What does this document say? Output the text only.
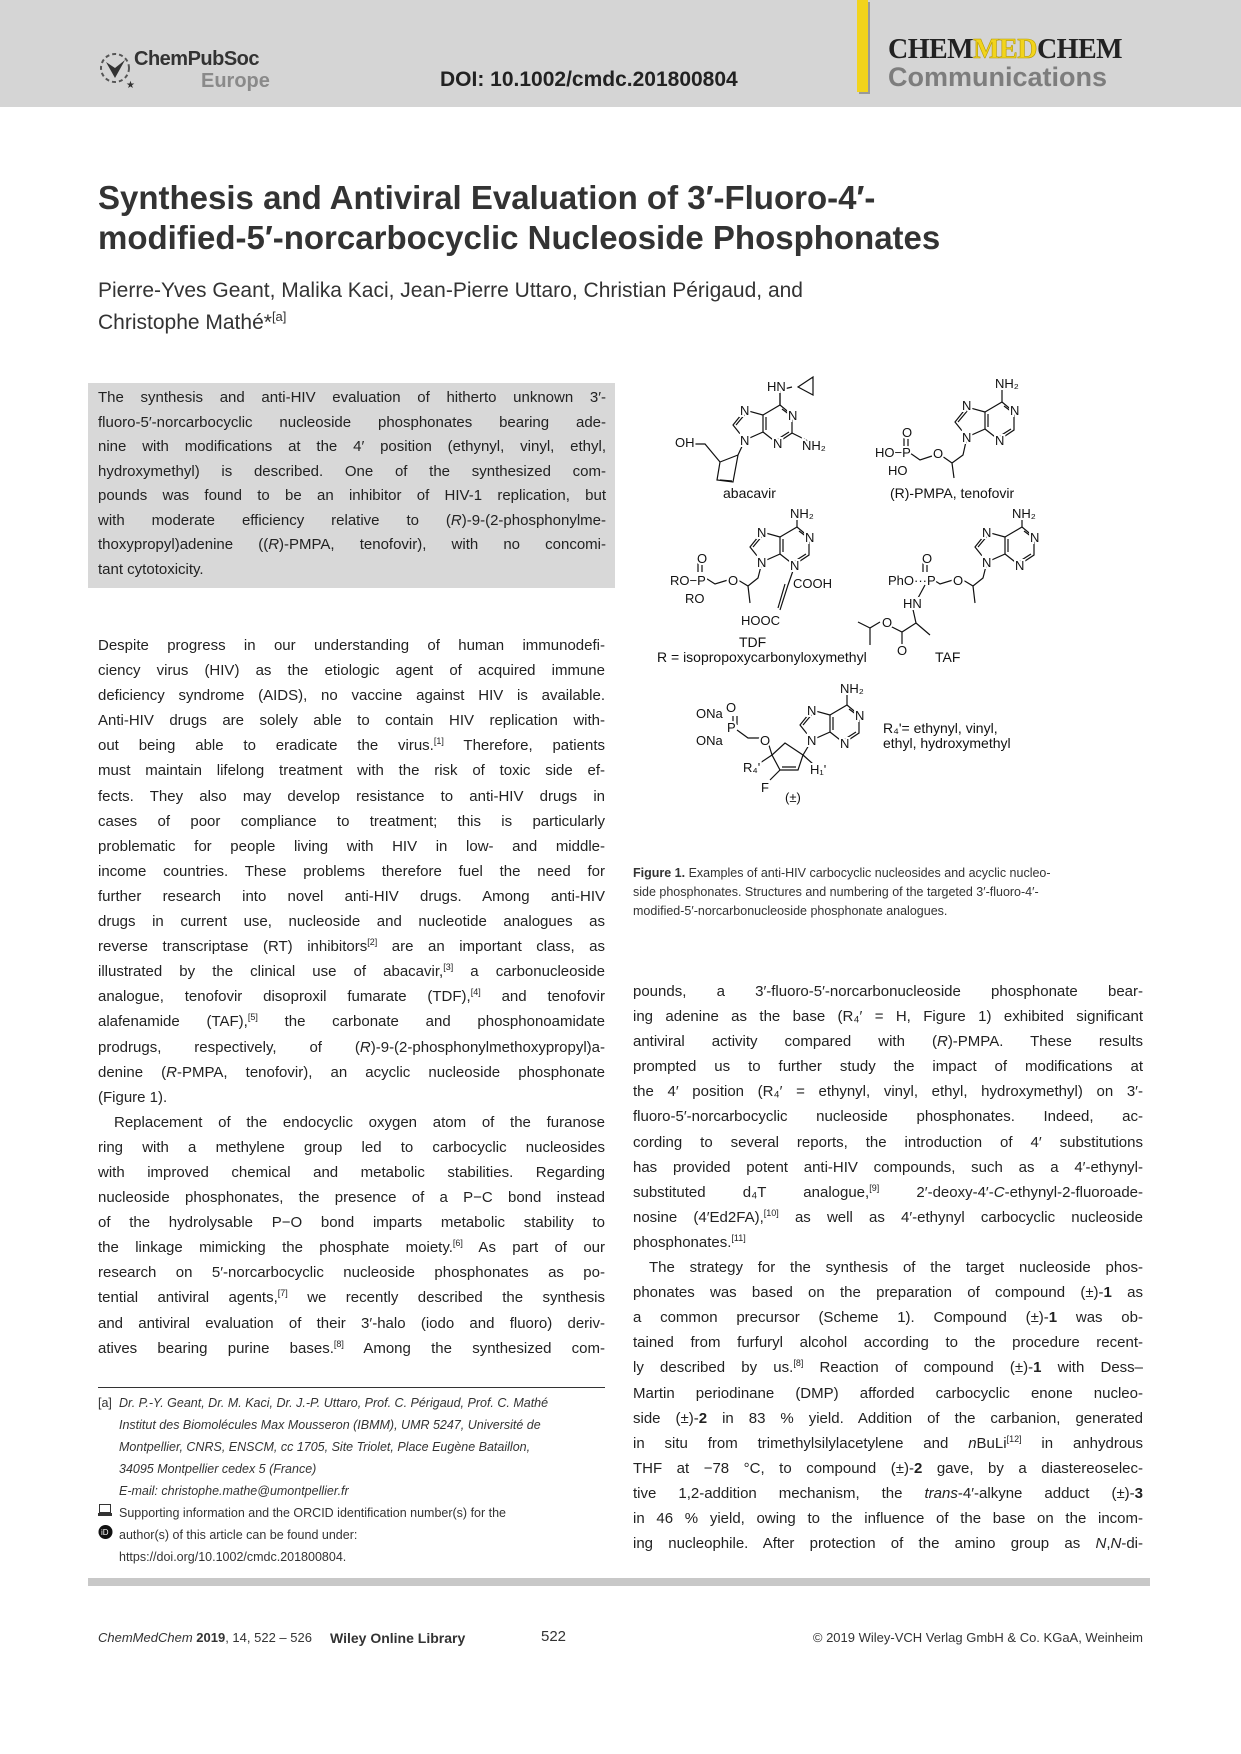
★
ChemPubSoc
Europe	DOI: 10.1002/cmdc.201800804
CHEMMEDCHEM
Communications
Synthesis and Antiviral Evaluation of 3′-Fluoro-4′-
modified-5′-norcarbocyclic Nucleoside Phosphonates
Pierre-Yves Geant, Malika Kaci, Jean-Pierre Uttaro, Christian Périgaud, and
Christophe Mathé*[a]
The synthesis and anti-HIV evaluation of hitherto unknown 3′-
fluoro-5′-norcarbocyclic nucleoside phosphonates bearing ade-
nine with modifications at the 4′ position (ethynyl, vinyl, ethyl,
hydroxymethyl) is described. One of the synthesized com-
pounds was found to be an inhibitor of HIV-1 replication, but
with moderate efficiency relative to (R)-9-(2-phosphonylme-
thoxypropyl)adenine ((R)-PMPA, tenofovir), with no concomi-
tant cytotoxicity.
Despite progress in our understanding of human immunodefi-
ciency virus (HIV) as the etiologic agent of acquired immune
deficiency syndrome (AIDS), no vaccine against HIV is available.
Anti-HIV drugs are solely able to contain HIV replication with-
out being able to eradicate the virus.[1] Therefore, patients
must maintain lifelong treatment with the risk of toxic side ef-
fects. They also may develop resistance to anti-HIV drugs in
cases of poor compliance to treatment; this is particularly
problematic for people living with HIV in low- and middle-
income countries. These problems therefore fuel the need for
further research into novel anti-HIV drugs. Among anti-HIV
drugs in current use, nucleoside and nucleotide analogues as
reverse transcriptase (RT) inhibitors[2] are an important class, as
illustrated by the clinical use of abacavir,[3] a carbonucleoside
analogue, tenofovir disoproxil fumarate (TDF),[4] and tenofovir
alafenamide (TAF),[5] the carbonate and phosphonoamidate
prodrugs, respectively, of (R)-9-(2-phosphonylmethoxypropyl)a-
denine (R-PMPA, tenofovir), an acyclic nucleoside phosphonate
(Figure 1).
Replacement of the endocyclic oxygen atom of the furanose
ring with a methylene group led to carbocyclic nucleosides
with improved chemical and metabolic stabilities. Regarding
nucleoside phosphonates, the presence of a P−C bond instead
of the hydrolysable P−O bond imparts metabolic stability to
the linkage mimicking the phosphate moiety.[6] As part of our
research on 5′-norcarbocyclic nucleoside phosphonates as po-
tential antiviral agents,[7] we recently described the synthesis
and antiviral evaluation of their 3′-halo (iodo and fluoro) deriv-
atives bearing purine bases.[8] Among the synthesized com-
pounds, a 3′-fluoro-5′-norcarbonucleoside phosphonate bear-
ing adenine as the base (R₄′ = H, Figure 1) exhibited significant
antiviral activity compared with (R)-PMPA. These results
prompted us to further study the impact of modifications at
the 4′ position (R₄′ = ethynyl, vinyl, ethyl, hydroxymethyl) on 3′-
fluoro-5′-norcarbocyclic nucleoside phosphonates. Indeed, ac-
cording to several reports, the introduction of 4′ substitutions
has provided potent anti-HIV compounds, such as a 4′-ethynyl-
substituted d₄T analogue,[9] 2′-deoxy-4′-C-ethynyl-2-fluoroade-
nosine (4′Ed2FA),[10] as well as 4′-ethynyl carbocyclic nucleoside
phosphonates.[11]
The strategy for the synthesis of the target nucleoside phos-
phonates was based on the preparation of compound (±)-1 as
a common precursor (Scheme 1). Compound (±)-1 was ob-
tained from furfuryl alcohol according to the procedure recent-
ly described by us.[8] Reaction of compound (±)-1 with Dess–
Martin periodinane (DMP) afforded carbocyclic enone nucleo-
side (±)-2 in 83 % yield. Addition of the carbanion, generated
in situ from trimethylsilylacetylene and nBuLi[12] in anhydrous
THF at −78 °C, to compound (±)-2 gave, by a diastereoselec-
tive 1,2-addition mechanism, the trans-4′-alkyne adduct (±)-3
in 46 % yield, owing to the influence of the base on the incom-
ing nucleophile. After protection of the amino group as N,N-di-
HN
N	N
N N NH₂
OH
abacavir
NH₂
N	N
N N
O
HO−P
HO
O
(R)-PMPA, tenofovir
NH₂
N	N
N N
O
RO−P
RO
O	COOH
HOOC
TDF
R = isopropoxycarbonyloxymethyl
NH₂
N	N
N N
O
PhO···P
HN
O
O
O TAF
NH₂
N	N
N N
ONa O
P
ONa	O
R₄'	H₁'
F
(±)
R₄'= ethynyl, vinyl,
ethyl, hydroxymethyl
Figure 1. Examples of anti-HIV carbocyclic nucleosides and acyclic nucleo-
side phosphonates. Structures and numbering of the targeted 3′-fluoro-4′-
modified-5′-norcarbonucleoside phosphonate analogues.
[a] Dr. P.-Y. Geant, Dr. M. Kaci, Dr. J.-P. Uttaro, Prof. C. Périgaud, Prof. C. Mathé
Institut des Biomolécules Max Mousseron (IBMM), UMR 5247, Université de
Montpellier, CNRS, ENSCM, cc 1705, Site Triolet, Place Eugène Bataillon,
34095 Montpellier cedex 5 (France)
E-mail: christophe.mathe@umontpellier.fr
Supporting information and the ORCID identification number(s) for the
iD author(s) of this article can be found under:
https://doi.org/10.1002/cmdc.201800804.
ChemMedChem 2019, 14, 522 – 526 Wiley Online Library	522	© 2019 Wiley-VCH Verlag GmbH & Co. KGaA, Weinheim
